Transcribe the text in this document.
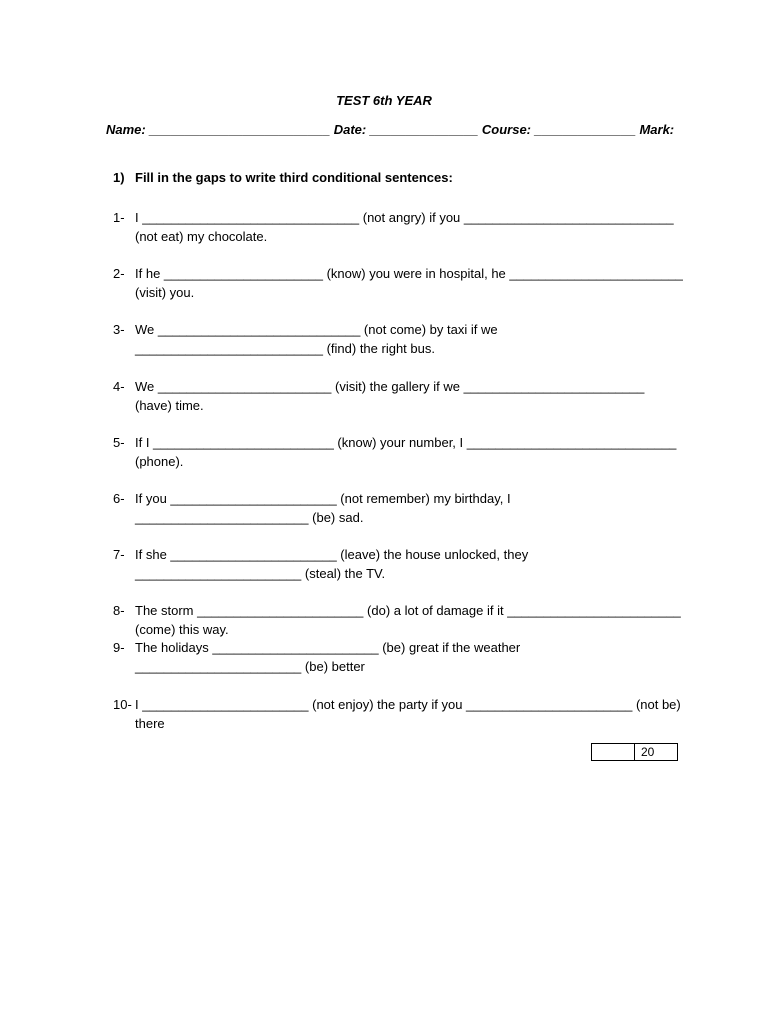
TEST 6th YEAR
Name: _________________________ Date: _______________ Course: ______________ Mark:
1) Fill in the gaps to write third conditional sentences:
1- I ______________________________ (not angry) if you _____________________________ (not eat) my chocolate.
2- If he ______________________ (know) you were in hospital, he ________________________ (visit) you.
3- We ____________________________ (not come) by taxi if we __________________________ (find) the right bus.
4- We ________________________ (visit) the gallery if we _________________________ (have) time.
5- If I _________________________ (know) your number, I _____________________________ (phone).
6- If you _______________________ (not remember) my birthday, I ________________________ (be) sad.
7- If she _______________________ (leave) the house unlocked, they _______________________ (steal) the TV.
8- The storm _______________________ (do) a lot of damage if it ________________________ (come) this way.
9- The holidays _______________________ (be) great if the weather _______________________ (be) better
10- I _______________________ (not enjoy) the party if you _______________________ (not be) there
20
